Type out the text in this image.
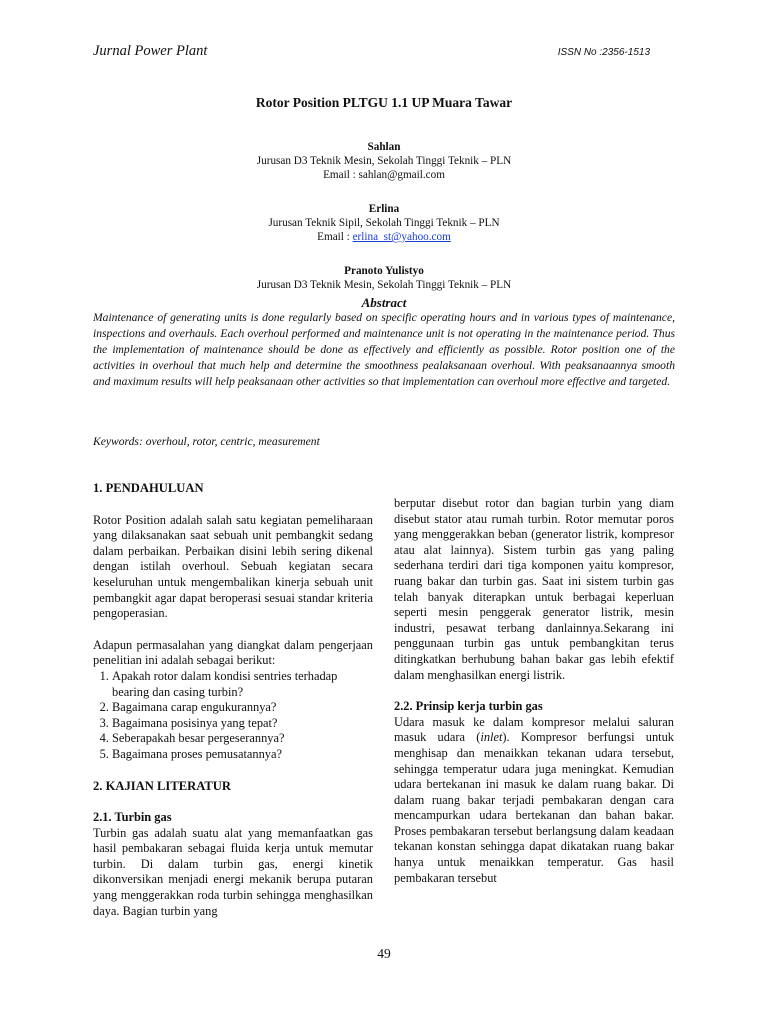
Jurnal Power Plant	ISSN No :2356-1513
Rotor Position PLTGU 1.1 UP Muara Tawar
Sahlan
Jurusan D3 Teknik Mesin, Sekolah Tinggi Teknik – PLN
Email : sahlan@gmail.com
Erlina
Jurusan Teknik Sipil, Sekolah Tinggi Teknik – PLN
Email : erlina_st@yahoo.com
Pranoto Yulistyo
Jurusan D3 Teknik Mesin, Sekolah Tinggi Teknik – PLN
Abstract
Maintenance of generating units is done regularly based on specific operating hours and in various types of maintenance, inspections and overhauls. Each overhoul performed and maintenance unit is not operating in the maintenance period. Thus the implementation of maintenance should be done as effectively and efficiently as possible. Rotor position one of the activities in overhoul that much help and determine the smoothness pealaksanaan overhoul. With peaksanaannya smooth and maximum results will help peaksanaan other activities so that implementation can overhoul more effective and targeted.
Keywords: overhoul, rotor, centric, measurement

1. PENDAHULUAN

Rotor Position adalah salah satu kegiatan pemeliharaan yang dilaksanakan saat sebuah unit pembangkit sedang dalam perbaikan. Perbaikan disini lebih sering dikenal dengan istilah overhoul. Sebuah kegiatan secara keseluruhan untuk mengembalikan kinerja sebuah unit pembangkit agar dapat beroperasi sesuai standar kriteria pengoperasian.

Adapun permasalahan yang diangkat dalam pengerjaan penelitian ini adalah sebagai berikut:

1. Apakah rotor dalam kondisi sentries terhadap bearing dan casing turbin?
2. Bagaimana carap engukurannya?
3. Bagaimana posisinya yang tepat?
4. Seberapakah besar pergeserannya?
5. Bagaimana proses pemusatannya?

2. KAJIAN LITERATUR

2.1. Turbin gas

Turbin gas adalah suatu alat yang memanfaatkan gas hasil pembakaran sebagai fluida kerja untuk memutar turbin. Di dalam turbin gas, energi kinetik dikonversikan menjadi energi mekanik berupa putaran yang menggerakkan roda turbin sehingga menghasilkan daya. Bagian turbin yang

berputar disebut rotor dan bagian turbin yang diam disebut stator atau rumah turbin. Rotor memutar poros yang menggerakkan beban (generator listrik, kompresor atau alat lainnya). Sistem turbin gas yang paling sederhana terdiri dari tiga komponen yaitu kompresor, ruang bakar dan turbin gas. Saat ini sistem turbin gas telah banyak diterapkan untuk berbagai keperluan seperti mesin penggerak generator listrik, mesin industri, pesawat terbang danlainnya.Sekarang ini penggunaan turbin gas untuk pembangkitan terus ditingkatkan berhubung bahan bakar gas lebih efektif dalam menghasilkan energi listrik.

2.2. Prinsip kerja turbin gas

Udara masuk ke dalam kompresor melalui saluran masuk udara (inlet). Kompresor berfungsi untuk menghisap dan menaikkan tekanan udara tersebut, sehingga temperatur udara juga meningkat. Kemudian udara bertekanan ini masuk ke dalam ruang bakar. Di dalam ruang bakar terjadi pembakaran dengan cara mencampurkan udara bertekanan dan bahan bakar. Proses pembakaran tersebut berlangsung dalam keadaan tekanan konstan sehingga dapat dikatakan ruang bakar hanya untuk menaikkan temperatur. Gas hasil pembakaran tersebut

49
